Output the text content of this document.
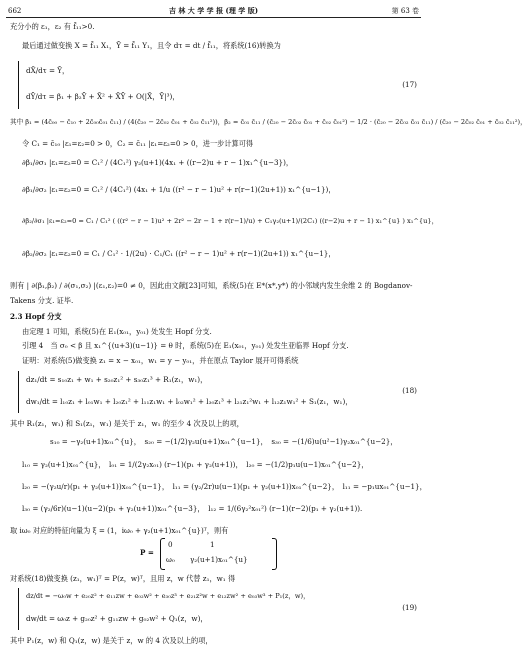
662	吉 林 大 学 学 报 (理 学 版)	第 63 卷
充分小的 ε₁，ε₂ 有 f̄₁₁>0.
最后通过做变换 X = f̄₁₁ X₁，Ȳ = f̄₁₁ Y₁，且令 dτ = dt / f̄₁₁，将系统(16)转换为
dX̄/dτ = Ȳ，
dȲ/dτ = β₁ + β₂Ȳ + X̄² + X̄Ȳ + O(|X̄，Ȳ|³)，
(17)
其中 β₁ = (4c̄₀₀ − c̄₁₀ + 2c̄₀₀c̄₀₁ c̄₁₁) / (4(c̄₂₀ − 2c̄₀₂ c̄₀₁ + c̄₀₂ c̄₁₁²))，β₂ = c̄₀₁ c̄₁₁ / (c̄₂₀ − 2c̄₀₂ c̄₀₁ + c̄₀₂ c̄₀₁²) − 1/2 · (c̄₂₀ − 2c̄₀₂ c̄₀₁ c̄₁₁) / (c̄₂₀ − 2c̄₀₂ c̄₀₁ + c̄₀₂ c̄₁₁²)，
令 C₁ = c̄₁₀ |ε₁=ε₂=0 > 0，C₂ = c̄₁₁ |ε₁=ε₂=0 > 0，进一步计算可得
∂β₁/∂σ₁ |ε₁=ε₂=0 = C₁² / (4C₁²) γ₂(u+1)(4x₁ + ((r−2)u + r − 1)x₁^{u−3})，
∂β₁/∂σ₂ |ε₁=ε₂=0 = C₁² / (4C₁²) (4x₁ + 1/u ((r² − r − 1)u² + r(r−1)(2u+1)) x₁^{u−1})，
∂β₂/∂σ₁ |ε₁=ε₂=0 = C₁ / C₁² ( ((r² − r − 1)u² + 2r² − 2r − 1 + r(r−1)/u) + C₁γ₂(u+1)/(2C₁) ((r−2)u + r − 1) x₁^{u} ) x₁^{u}，
∂β₂/∂σ₂ |ε₁=ε₂=0 = C₁ / C₁² · 1/(2u) · C₁/C₁ ((r² − r − 1)u² + r(r−1)(2u+1)) x₁^{u−1}，
则有 | ∂(β₁,β₂) / ∂(σ₁,σ₂) |(ε₁,ε₂)=0 ≠ 0，因此由文献[23]可知，系统(5)在 E*(x*,y*) 的小邻域内发生余维 2 的 Bogdanov-
Takens 分支. 证毕.
2.3 Hopf 分支
由定理 1 可知，系统(5)在 E₁(x₀₁，y₀₁) 处发生 Hopf 分支.
引理 4　当 σ₀ < β 且 x₁^{(u+3)(u−1)} = θ 时，系统(5)在 E₁(x₀₁，y₀₁) 处发生亚临界 Hopf 分支.
证明：对系统(5)做变换 z₁ = x − x₀₁，w₁ = y − y₀₁，并在原点 Taylor 展开可得系统
dz₁/dt = s₁₀z₁ + w₁ + s₂₀z₁² + s₃₀z₁³ + R₁(z₁，w₁)，
dw₁/dt = l₁₀z₁ + l₀₁w₁ + l₂₀z₁² + l₁₁z₁w₁ + l₀₂w₁² + l₃₀z₁³ + l₂₁z₁²w₁ + l₁₂z₁w₁² + S₁(z₁，w₁)，
(18)
其中 R₁(z₁，w₁) 和 S₁(z₁，w₁) 是关于 z₁，w₁ 的至少 4 次及以上的项，
s₁₀ = −γ₂(u+1)x₀₁^{u}，　s₂₀ = −(1/2)γ₂u(u+1)x₀₁^{u−1}，　s₃₀ = −(1/6)u(u²−1)γ₂x₀₁^{u−2}，
l₁₀ = γ₂(u+1)x₀₁^{u}，　l₀₁ = 1/(2γ₂x₀₁) (r−1)(p₁ + γ₂(u+1))，　l₂₀ = −(1/2)p₁u(u−1)x₀₁^{u−2}，
l₂₀ = −(γ₂u/r)(p₁ + γ₂(u+1))x₀₁^{u−1}，　l₁₁ = (γ₂/2r)u(u−1)(p₁ + γ₂(u+1))x₀₁^{u−2}，　l₁₁ = −p₁ux₀₁^{u−1}，
l₃₀ = (γ₂/6r)(u−1)(u−2)(p₁ + γ₂(u+1))x₀₁^{u−3}，　l₁₂ = 1/(6γ₂²x₀₁²) (r−1)(r−2)(p₁ + γ₂(u+1)).
取 iω₀ 对应的特征向量为 ξ = (1，iω₀ + γ₂(u+1)x₀₁^{u})ᵀ，则有
P =
0	1
ω₀ γ₂(u+1)x₀₁^{u}
对系统(18)做变换 (z₁，w₁)ᵀ = P(z，w)ᵀ，且用 z，w 代替 z₁，w₁ 得
dz/dt = −ω₀w + e₂₀z² + e₁₁zw + e₀₂w² + e₃₀z³ + e₂₁z²w + e₁₂zw² + e₀₃w³ + P₁(z，w)，
dw/dt = ω₀z + g₂₀z² + g₁₁zw + g₀₂w² + Q₁(z，w)，
(19)
其中 P₁(z，w) 和 Q₁(z，w) 是关于 z，w 的 4 次及以上的项，
